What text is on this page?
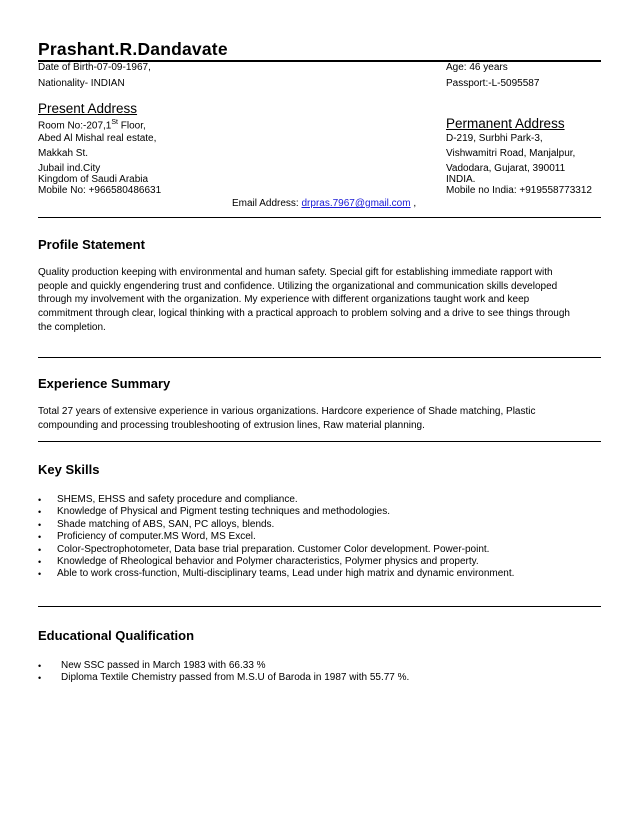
Prashant.R.Dandavate
Date of Birth-07-09-1967,
Nationality- INDIAN
Age: 46 years
Passport:-L-5095587
Present Address
Room No:-207,1St Floor,
Abed Al Mishal real estate,
Makkah St.
Jubail ind.City
Kingdom of Saudi Arabia
Mobile No: +966580486631
Permanent Address
D-219, Surbhi Park-3,
Vishwamitri Road, Manjalpur,
Vadodara, Gujarat, 390011
INDIA.
Mobile no India: +919558773312
Email Address: drpras.7967@gmail.com ,
Profile Statement
Quality production keeping with environmental and human safety. Special gift for establishing immediate rapport with
people and quickly engendering trust and confidence. Utilizing the organizational and communication skills developed
through my involvement with the organization. My experience with different organizations taught work and keep
commitment through clear, logical thinking with a practical approach to problem solving and a drive to see things through
the completion.
Experience Summary
Total 27 years of extensive experience in various organizations. Hardcore experience of Shade matching, Plastic
compounding and processing troubleshooting of extrusion lines, Raw material planning.
Key Skills
• SHEMS, EHSS and safety procedure and compliance.
• Knowledge of Physical and Pigment testing techniques and methodologies.
• Shade matching of ABS, SAN, PC alloys, blends.
• Proficiency of computer.MS Word, MS Excel.
• Color-Spectrophotometer, Data base trial preparation. Customer Color development. Power-point.
• Knowledge of Rheological behavior and Polymer characteristics, Polymer physics and property.
• Able to work cross-function, Multi-disciplinary teams, Lead under high matrix and dynamic environment.
Educational Qualification
• New SSC passed in March 1983 with 66.33 %
• Diploma Textile Chemistry passed from M.S.U of Baroda in 1987 with 55.77 %.
